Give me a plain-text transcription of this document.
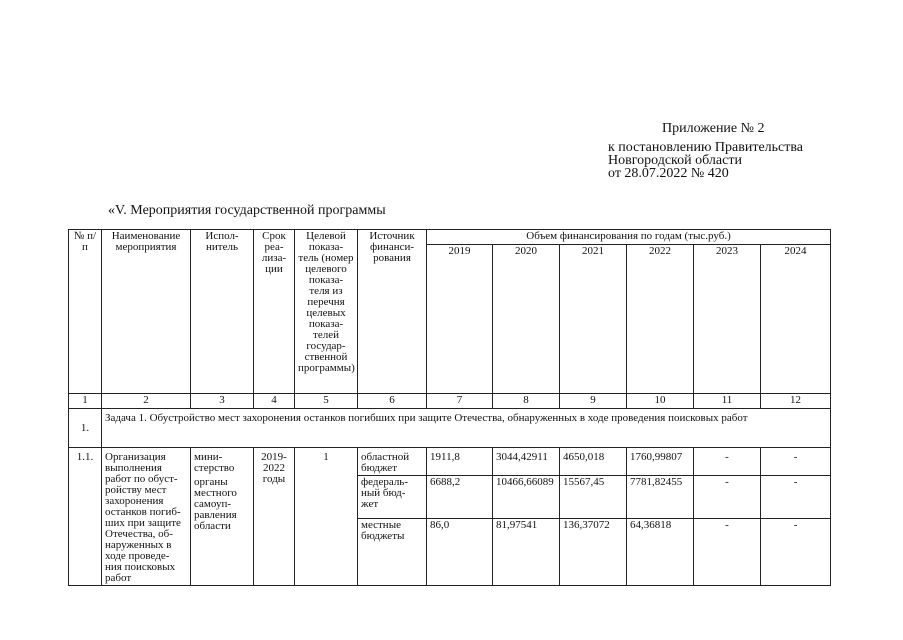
Приложение № 2
к постановлению Правительства
Новгородской области
от 28.07.2022 № 420
«V. Мероприятия государственной программы
№ п/п	Наименование мероприятия	Испол- нитель	Срок реа- лиза- ции	Целевой показа- тель (номер целевого показа- теля из перечня целевых показа- телей государ- ственной программы)	Источник финанси- рования	Объем финансирования по годам (тыс.руб.)					
						2019	2020	2021	2022	2023	2024
1	2	3	4	5	6	7	8	9	10	11	12
1.	Задача 1. Обустройство мест захоронения останков погибших при защите Отечества, обнаруженных в ходе проведения поисковых работ										
1.1.	Организация выполнения работ по обуст- ройству мест захоронения останков погиб- ших при защите Отечества, об- наруженных в ходе проведе- ния поисковых работ	мини- стерство	2019- 2022 годы	1	областной бюджет	1911,8	3044,42911	4650,018	1760,99807	-	-
		органы местного самоуп- равления области			федераль- ный бюд- жет	6688,2	10466,66089	15567,45	7781,82455	-	-
					местные бюджеты	86,0	81,97541	136,37072	64,36818	-	-
